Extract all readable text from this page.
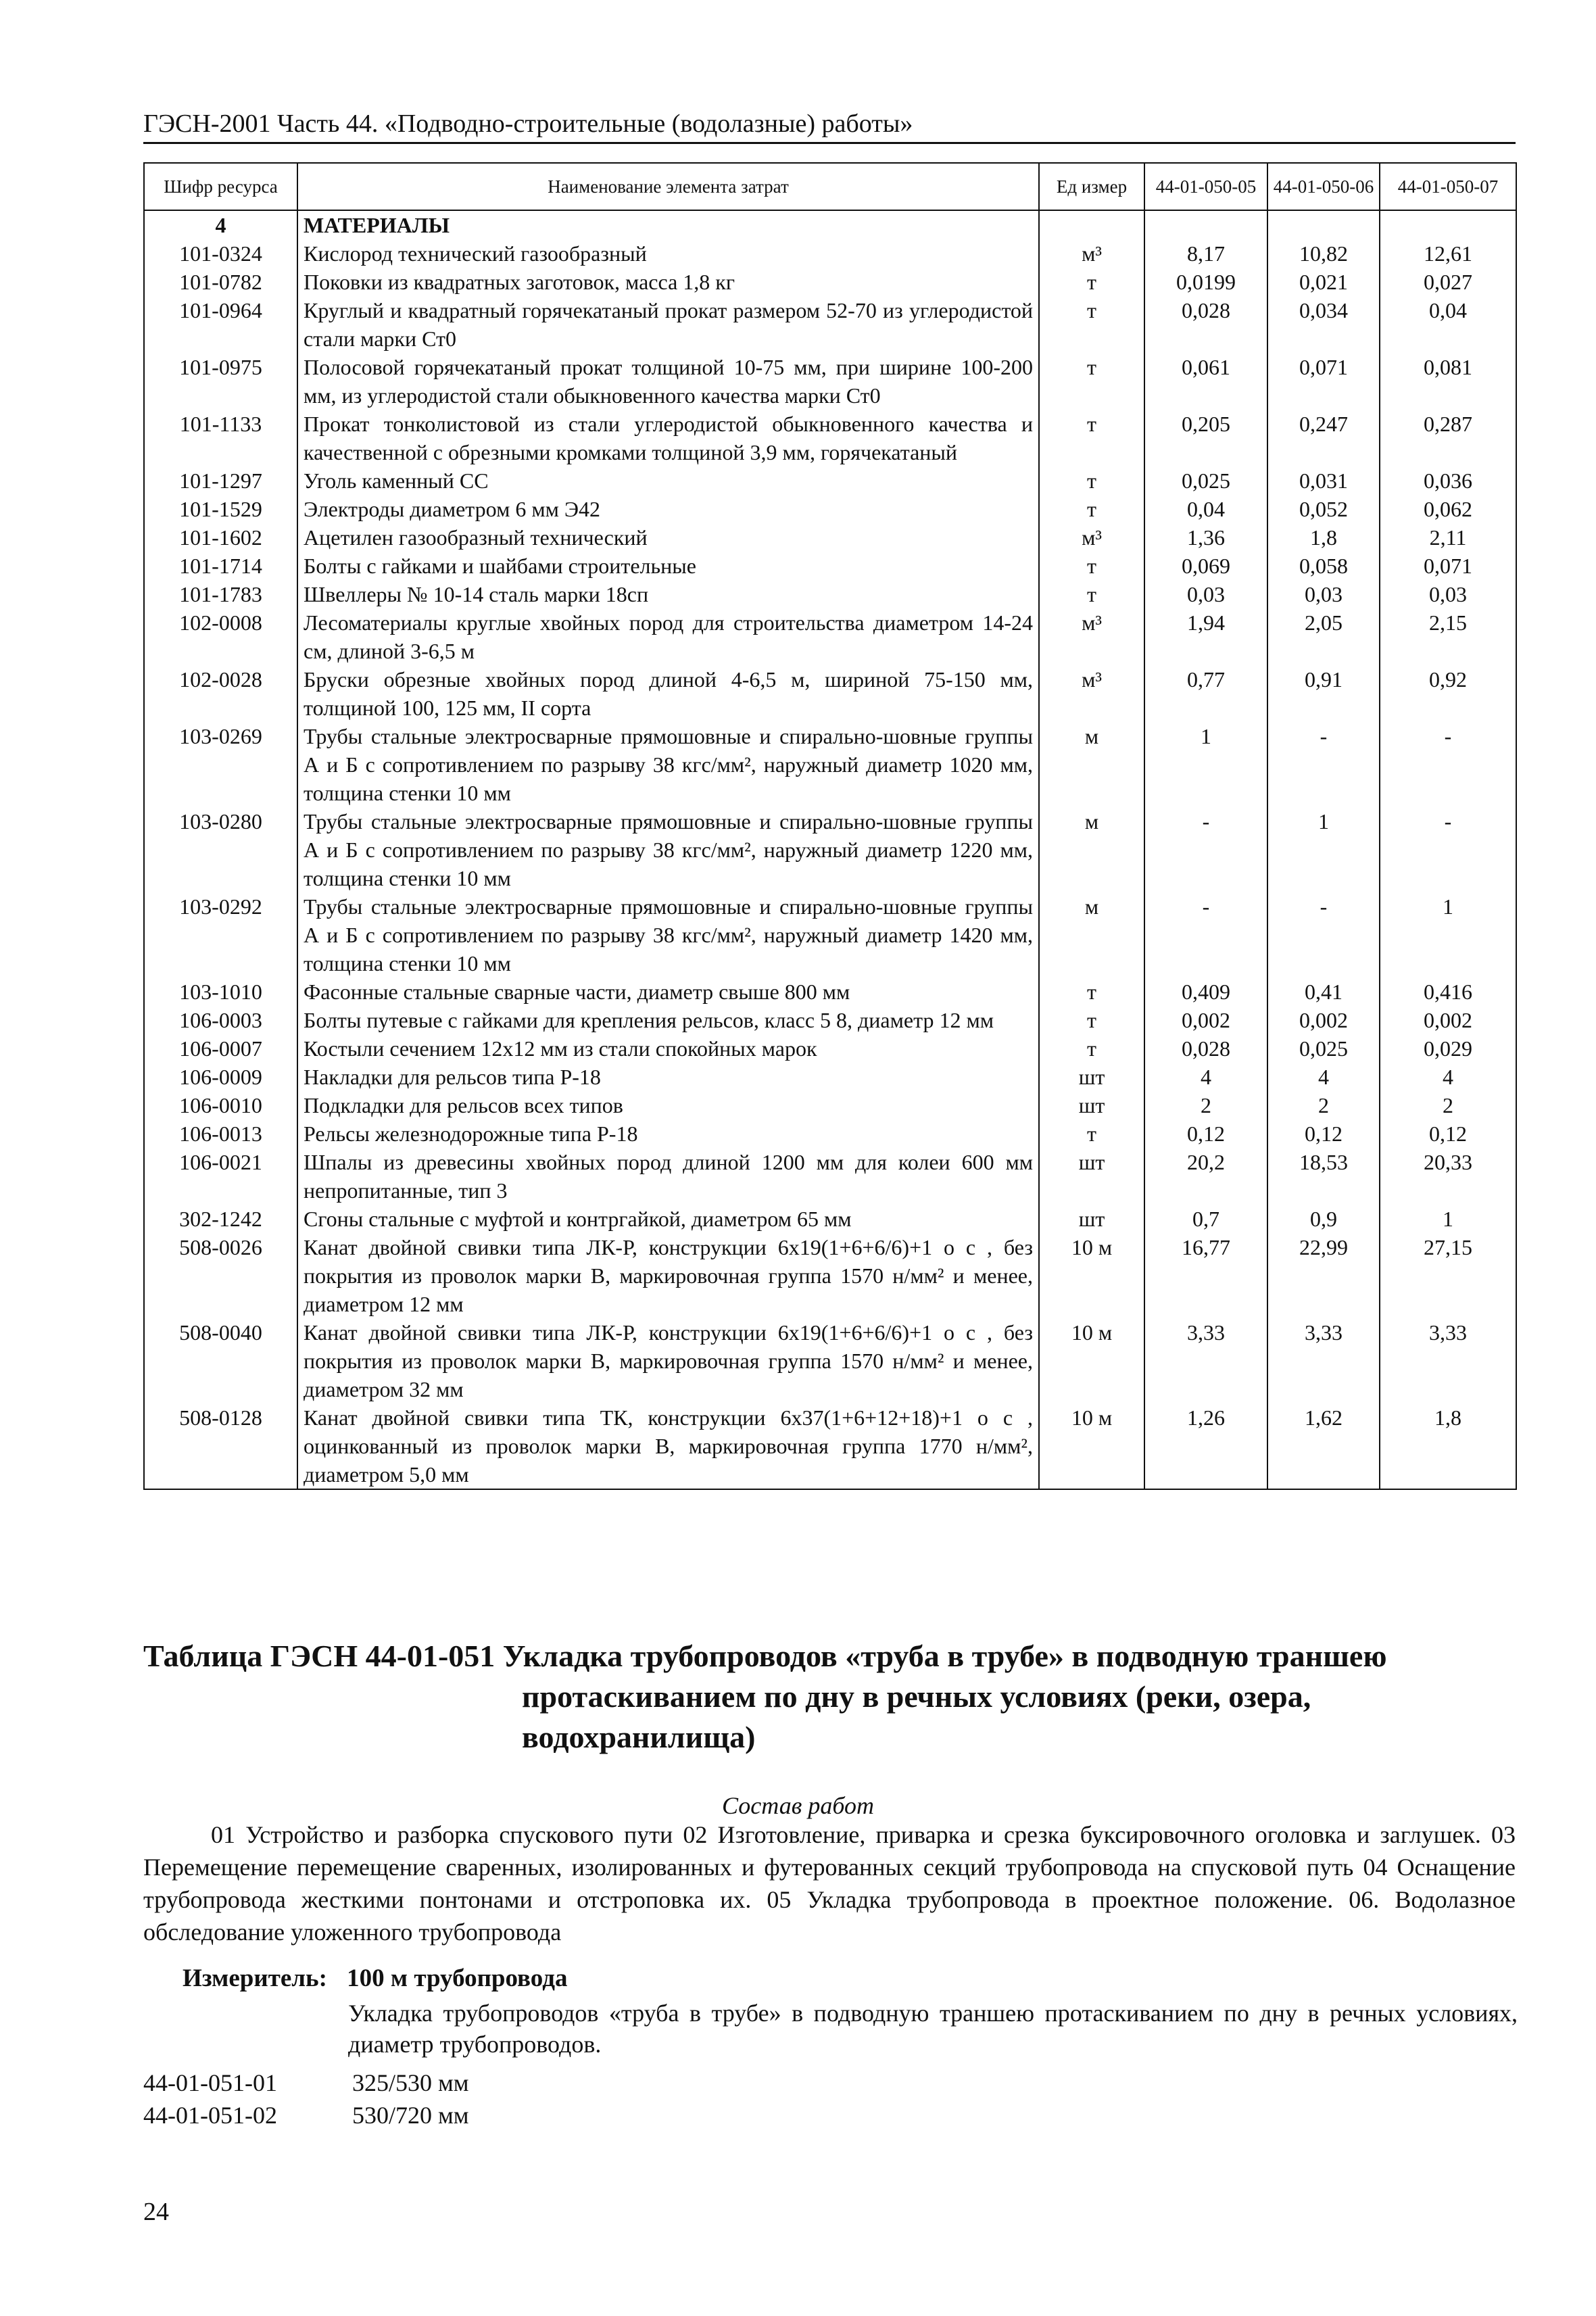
ГЭСН-2001 Часть 44. «Подводно-строительные (водолазные) работы»
Шифр ресурса	Наименование элемента затрат	Ед измер	44-01-050-05	44-01-050-06	44-01-050-07
4	МАТЕРИАЛЫ				
101-0324	Кислород технический газообразный	м³	8,17	10,82	12,61
101-0782	Поковки из квадратных заготовок, масса 1,8 кг	т	0,0199	0,021	0,027
101-0964	Круглый и квадратный горячекатаный прокат размером 52-70 из углеродистой стали марки Ст0	т	0,028	0,034	0,04
101-0975	Полосовой горячекатаный прокат толщиной 10-75 мм, при ширине 100-200 мм, из углеродистой стали обыкновенного качества марки Ст0	т	0,061	0,071	0,081
101-1133	Прокат тонколистовой из стали углеродистой обыкновенного качества и качественной с обрезными кромками толщиной 3,9 мм, горячекатаный	т	0,205	0,247	0,287
101-1297	Уголь каменный СС	т	0,025	0,031	0,036
101-1529	Электроды диаметром 6 мм Э42	т	0,04	0,052	0,062
101-1602	Ацетилен газообразный технический	м³	1,36	1,8	2,11
101-1714	Болты с гайками и шайбами строительные	т	0,069	0,058	0,071
101-1783	Швеллеры № 10-14 сталь марки 18сп	т	0,03	0,03	0,03
102-0008	Лесоматериалы круглые хвойных пород для строительства диаметром 14-24 см, длиной 3-6,5 м	м³	1,94	2,05	2,15
102-0028	Бруски обрезные хвойных пород длиной 4-6,5 м, шириной 75-150 мм, толщиной 100, 125 мм, II сорта	м³	0,77	0,91	0,92
103-0269	Трубы стальные электросварные прямошовные и спирально-шовные группы А и Б с сопротивлением по разрыву 38 кгс/мм², наружный диаметр 1020 мм, толщина стенки 10 мм	м	1	-	-
103-0280	Трубы стальные электросварные прямошовные и спирально-шовные группы А и Б с сопротивлением по разрыву 38 кгс/мм², наружный диаметр 1220 мм, толщина стенки 10 мм	м	-	1	-
103-0292	Трубы стальные электросварные прямошовные и спирально-шовные группы А и Б с сопротивлением по разрыву 38 кгс/мм², наружный диаметр 1420 мм, толщина стенки 10 мм	м	-	-	1
103-1010	Фасонные стальные сварные части, диаметр свыше 800 мм	т	0,409	0,41	0,416
106-0003	Болты путевые с гайками для крепления рельсов, класс 5 8, диаметр 12 мм	т	0,002	0,002	0,002
106-0007	Костыли сечением 12x12 мм из стали спокойных марок	т	0,028	0,025	0,029
106-0009	Накладки для рельсов типа Р-18	шт	4	4	4
106-0010	Подкладки для рельсов всех типов	шт	2	2	2
106-0013	Рельсы железнодорожные типа Р-18	т	0,12	0,12	0,12
106-0021	Шпалы из древесины хвойных пород длиной 1200 мм для колеи 600 мм непропитанные, тип 3	шт	20,2	18,53	20,33
302-1242	Сгоны стальные с муфтой и контргайкой, диаметром 65 мм	шт	0,7	0,9	1
508-0026	Канат двойной свивки типа ЛК-Р, конструкции 6х19(1+6+6/6)+1 о с , без покрытия из проволок марки В, маркировочная группа 1570 н/мм² и менее, диаметром 12 мм	10 м	16,77	22,99	27,15
508-0040	Канат двойной свивки типа ЛК-Р, конструкции 6х19(1+6+6/6)+1 о с , без покрытия из проволок марки В, маркировочная группа 1570 н/мм² и менее, диаметром 32 мм	10 м	3,33	3,33	3,33
508-0128	Канат двойной свивки типа ТК, конструкции 6х37(1+6+12+18)+1 о с , оцинкованный из проволок марки В, маркировочная группа 1770 н/мм², диаметром 5,0 мм	10 м	1,26	1,62	1,8
Таблица ГЭСН 44-01-051 Укладка трубопроводов «труба в трубе» в подводную траншею
протаскиванием по дну в речных условиях (реки, озера, водохранилища)
Состав работ
01 Устройство и разборка спускового пути 02 Изготовление, приварка и срезка буксировочного оголовка и заглушек. 03 Перемещение перемещение сваренных, изолированных и футерованных секций трубопровода на спусковой путь 04 Оснащение трубопровода жесткими понтонами и отстроповка их. 05 Укладка трубопровода в проектное положение. 06. Водолазное обследование уложенного трубопровода
Измеритель: 100 м трубопровода
Укладка трубопроводов «труба в трубе» в подводную траншею протаскиванием по дну в речных условиях, диаметр трубопроводов.
44-01-051-01	325/530 мм
44-01-051-02	530/720 мм
24
